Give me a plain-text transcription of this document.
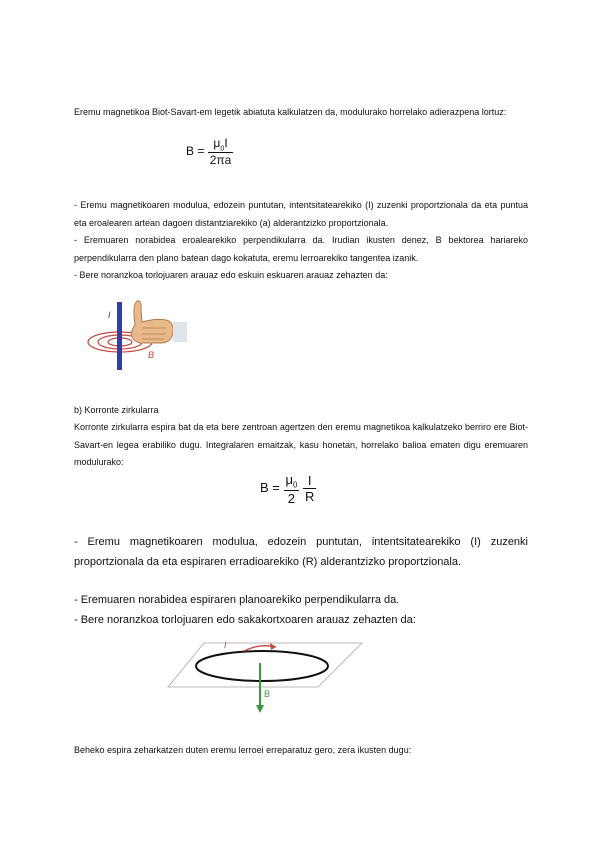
Eremu magnetikoa Biot-Savart-em legetik abiatuta kalkulatzen da, modulurako horrelako adierazpena lortuz:
$B = \frac{\mu_0I}{2\pi a}$
- Eremu magnetikoaren modulua, edozein puntutan, intentsitatearekiko (I) zuzenki proportzionala da eta puntua eta eroalearen artean dagoen distantziarekiko (a) alderantzizko proportzionala.
- Eremuaren norabidea eroalearekiko perpendikularra da. Irudian ikusten denez, B bektorea hariareko perpendikularra den plano batean dago kokatuta, eremu lerroarekiko tangentea izanik.
- Bere noranzkoa torlojuaren arauaz edo eskuin eskuaren arauaz zehazten da:
I
B
b) Korronte zirkularra
Korronte zirkularra espira bat da eta bere zentroan agertzen den eremu magnetikoa kalkulatzeko berriro ere Biot-Savart-en legea erabiliko dugu. Integralaren emaitzak, kasu honetan, horrelako balioa ematen digu eremuaren modulurako:
$B = \frac{\mu_0}{2}$
$\frac{I}{R}$
- Eremu magnetikoaren modulua, edozein puntutan, intentsitatearekiko (I) zuzenki proportzionala da eta espiraren erradioarekiko (R) alderantzizko proportzionala.
- Eremuaren norabidea espiraren planoarekiko perpendikularra da.
- Bere noranzkoa torlojuaren edo sakakortxoaren arauaz zehazten da:
I
B
Beheko espira zeharkatzen duten eremu lerroei erreparatuz gero, zera ikusten dugu:
